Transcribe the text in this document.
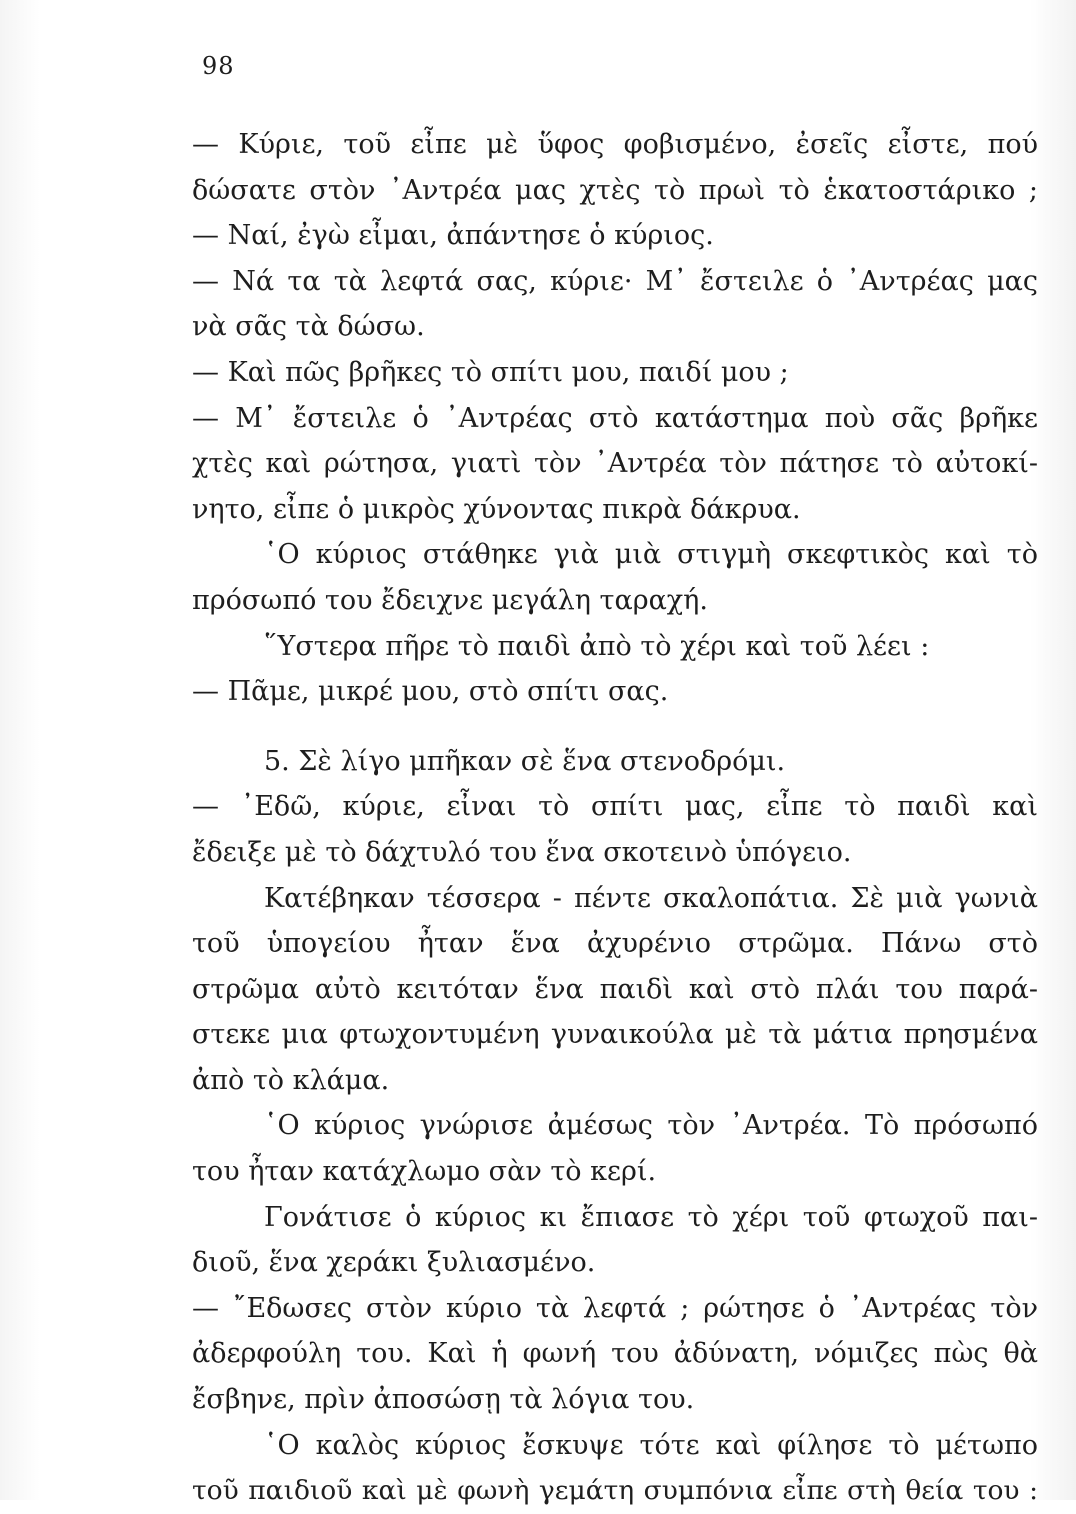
98
— Κύριε, τοῦ εἶπε μὲ ὕφος φοβισμένο, ἐσεῖς εἶστε, πού
δώσατε στὸν ᾿Αντρέα μας χτὲς τὸ πρωὶ τὸ ἑκατοστάρικο ;
— Ναί, ἐγὼ εἶμαι, ἀπάντησε ὁ κύριος.
— Νά τα τὰ λεφτά σας, κύριε· Μ᾿ ἔστειλε ὁ ᾿Αντρέας μας
νὰ σᾶς τὰ δώσω.
— Καὶ πῶς βρῆκες τὸ σπίτι μου, παιδί μου ;
— Μ᾿ ἔστειλε ὁ ᾿Αντρέας στὸ κατάστημα ποὺ σᾶς βρῆκε
χτὲς καὶ ρώτησα, γιατὶ τὸν ᾿Αντρέα τὸν πάτησε τὸ αὐτοκί-
νητο, εἶπε ὁ μικρὸς χύνοντας πικρὰ δάκρυα.
῾Ο κύριος στάθηκε γιὰ μιὰ στιγμὴ σκεφτικὸς καὶ τὸ
πρόσωπό του ἔδειχνε μεγάλη ταραχή.
῞Υστερα πῆρε τὸ παιδὶ ἀπὸ τὸ χέρι καὶ τοῦ λέει :
— Πᾶμε, μικρέ μου, στὸ σπίτι σας.
5. Σὲ λίγο μπῆκαν σὲ ἕνα στενοδρόμι.
— ᾿Εδῶ, κύριε, εἶναι τὸ σπίτι μας, εἶπε τὸ παιδὶ καὶ
ἔδειξε μὲ τὸ δάχτυλό του ἕνα σκοτεινὸ ὑπόγειο.
Κατέβηκαν τέσσερα - πέντε σκαλοπάτια. Σὲ μιὰ γωνιὰ
τοῦ ὑπογείου ἦταν ἕνα ἀχυρένιο στρῶμα. Πάνω στὸ
στρῶμα αὐτὸ κειτόταν ἕνα παιδὶ καὶ στὸ πλάι του παρά-
στεκε μια φτωχοντυμένη γυναικούλα μὲ τὰ μάτια πρησμένα
ἀπὸ τὸ κλάμα.
῾Ο κύριος γνώρισε ἀμέσως τὸν ᾿Αντρέα. Τὸ πρόσωπό
του ἦταν κατάχλωμο σὰν τὸ κερί.
Γονάτισε ὁ κύριος κι ἔπιασε τὸ χέρι τοῦ φτωχοῦ παι-
διοῦ, ἕνα χεράκι ξυλιασμένο.
— ῎Εδωσες στὸν κύριο τὰ λεφτά ; ρώτησε ὁ ᾿Αντρέας τὸν
ἀδερφούλη του. Καὶ ἡ φωνή του ἀδύνατη, νόμιζες πὼς θὰ
ἔσβηνε, πρὶν ἀποσώσῃ τὰ λόγια του.
῾Ο καλὸς κύριος ἔσκυψε τότε καὶ φίλησε τὸ μέτωπο
τοῦ παιδιοῦ καὶ μὲ φωνὴ γεμάτη συμπόνια εἶπε στὴ θεία του :
